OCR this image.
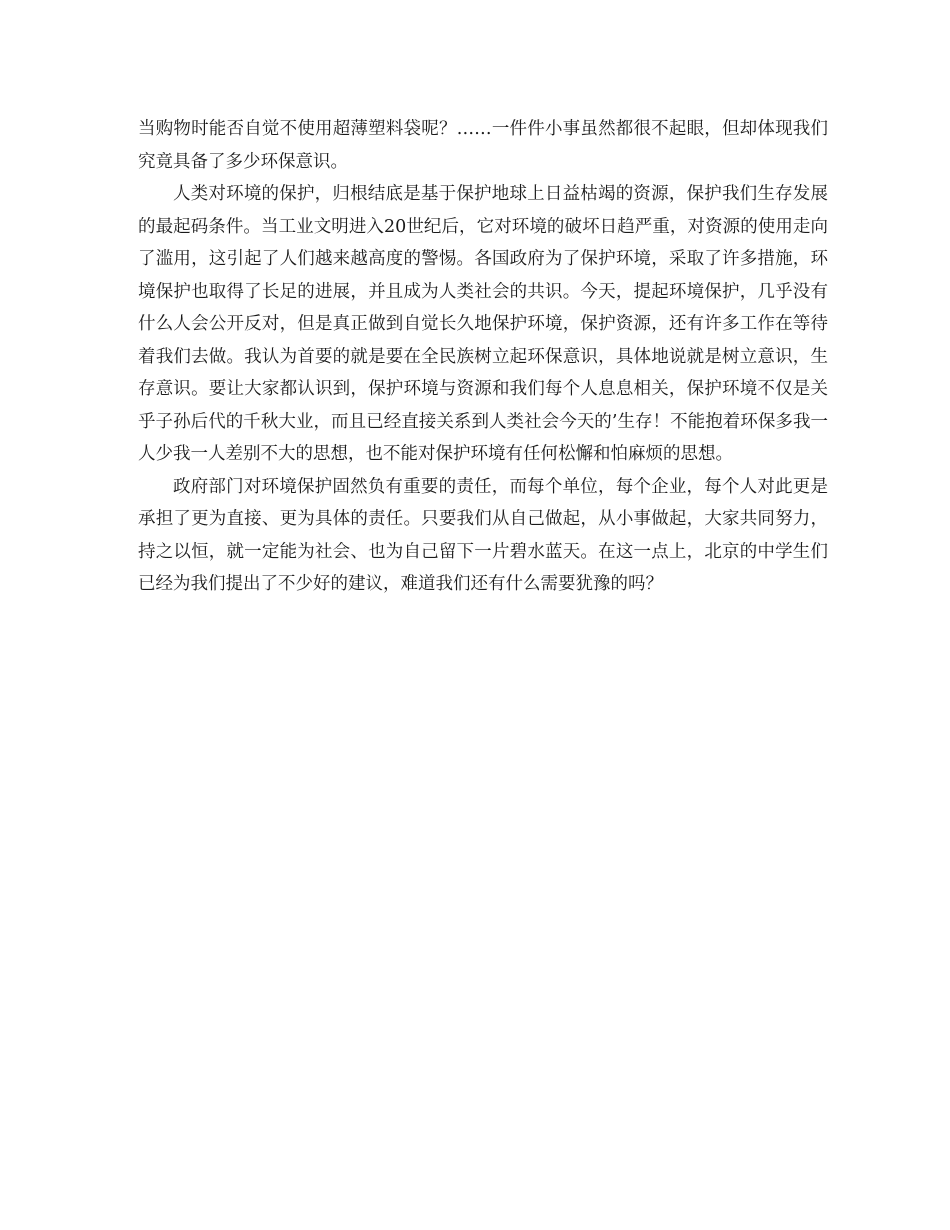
当购物时能否自觉不使用超薄塑料袋呢？……一件件小事虽然都很不起眼，但却体现我们究竟具备了多少环保意识。

人类对环境的保护，归根结底是基于保护地球上日益枯竭的资源，保护我们生存发展的最起码条件。当工业文明进入20世纪后，它对环境的破坏日趋严重，对资源的使用走向了滥用，这引起了人们越来越高度的警惕。各国政府为了保护环境，采取了许多措施，环境保护也取得了长足的进展，并且成为人类社会的共识。今天，提起环境保护，几乎没有什么人会公开反对，但是真正做到自觉长久地保护环境，保护资源，还有许多工作在等待着我们去做。我认为首要的就是要在全民族树立起环保意识，具体地说就是树立意识，生存意识。要让大家都认识到，保护环境与资源和我们每个人息息相关，保护环境不仅是关乎子孙后代的千秋大业，而且已经直接关系到人类社会今天的’生存！不能抱着环保多我一人少我一人差别不大的思想，也不能对保护环境有任何松懈和怕麻烦的思想。

政府部门对环境保护固然负有重要的责任，而每个单位，每个企业，每个人对此更是承担了更为直接、更为具体的责任。只要我们从自己做起，从小事做起，大家共同努力，持之以恒，就一定能为社会、也为自己留下一片碧水蓝天。在这一点上，北京的中学生们已经为我们提出了不少好的建议，难道我们还有什么需要犹豫的吗？
